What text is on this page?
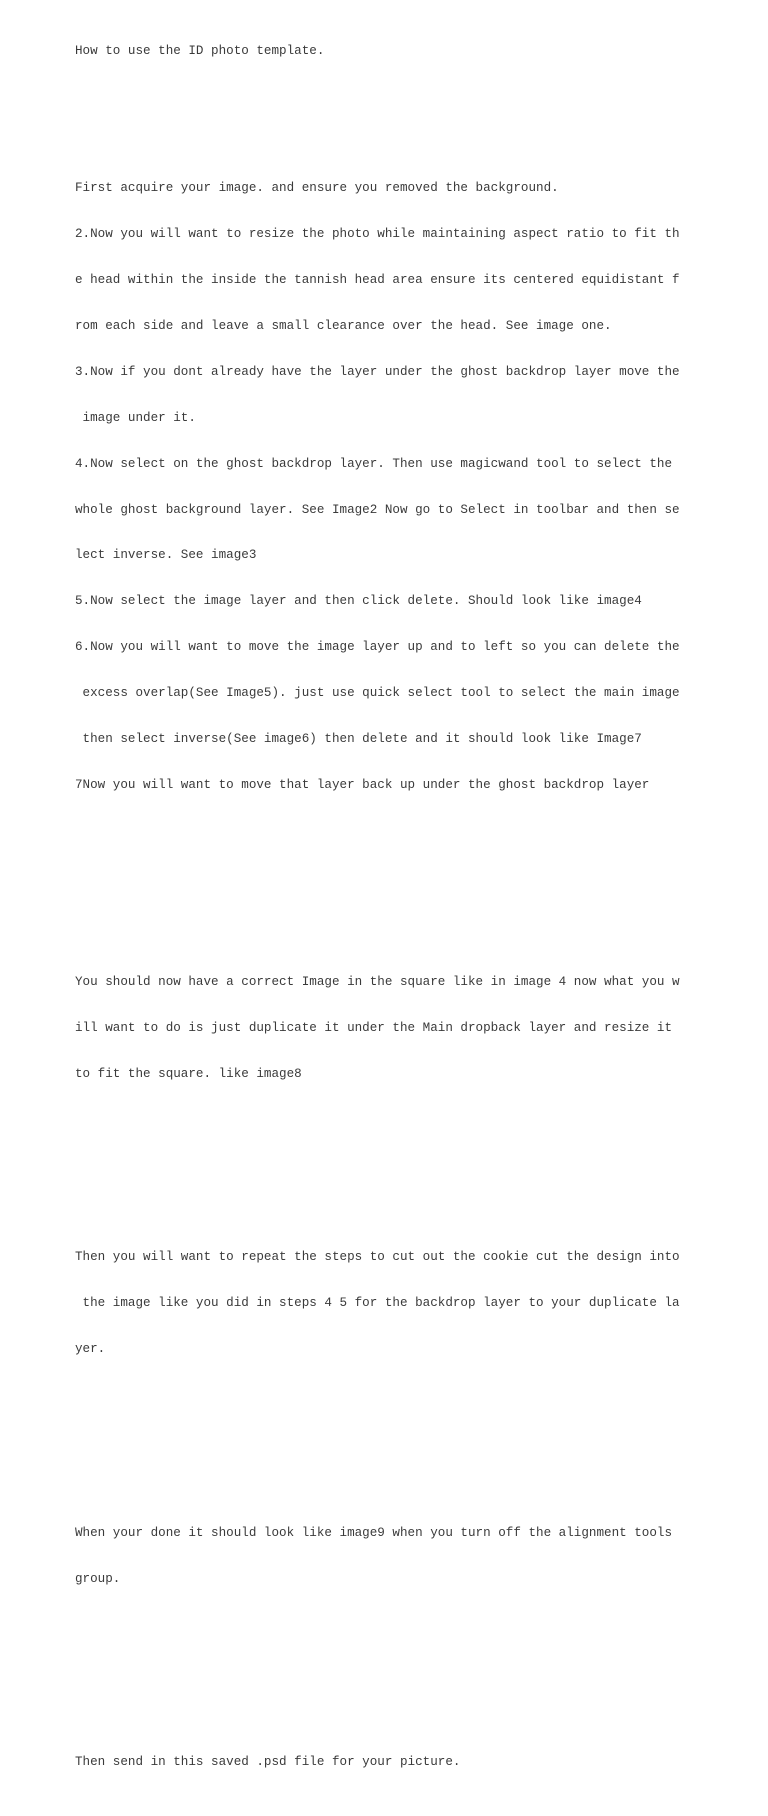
How to use the ID photo template.

First acquire your image. and ensure you removed the background.

2.Now you will want to resize the photo while maintaining aspect ratio to fit th

e head within the inside the tannish head area ensure its centered equidistant f

rom each side and leave a small clearance over the head. See image one.

3.Now if you dont already have the layer under the ghost backdrop layer move the

image under it.

4.Now select on the ghost backdrop layer. Then use magicwand tool to select the

whole ghost background layer. See Image2 Now go to Select in toolbar and then se

lect inverse. See image3

5.Now select the image layer and then click delete. Should look like image4

6.Now you will want to move the image layer up and to left so you can delete the

excess overlap(See Image5). just use quick select tool to select the main image

then select inverse(See image6) then delete and it should look like Image7

7Now you will want to move that layer back up under the ghost backdrop layer

You should now have a correct Image in the square like in image 4 now what you w

ill want to do is just duplicate it under the Main dropback layer and resize it

to fit the square. like image8

Then you will want to repeat the steps to cut out the cookie cut the design into

the image like you did in steps 4 5 for the backdrop layer to your duplicate la

yer.

When your done it should look like image9 when you turn off the alignment tools

group.

Then send in this saved .psd file for your picture.
